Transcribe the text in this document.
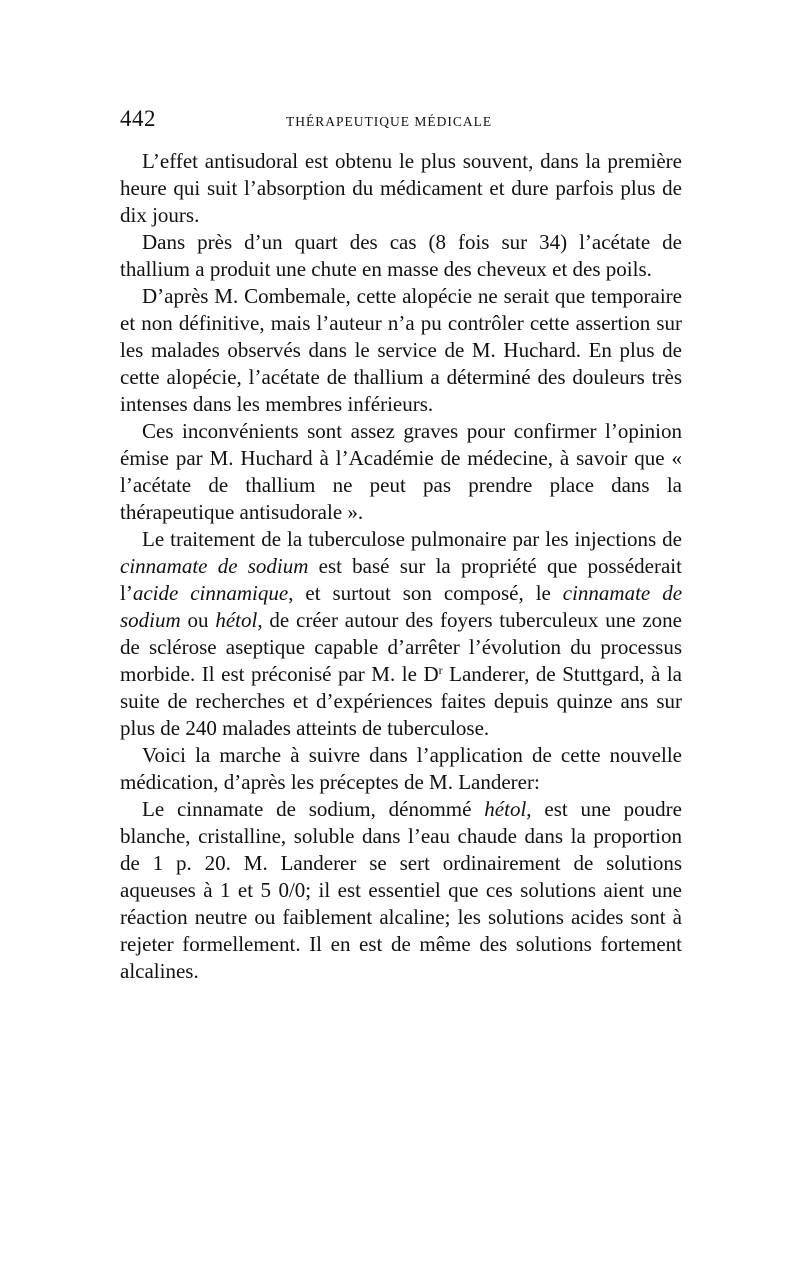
442	THÉRAPEUTIQUE MÉDICALE

L’effet antisudoral est obtenu le plus souvent, dans la première heure qui suit l’absorption du médicament et dure parfois plus de dix jours.

Dans près d’un quart des cas (8 fois sur 34) l’acétate de thallium a produit une chute en masse des cheveux et des poils.

D’après M. Combemale, cette alopécie ne serait que temporaire et non définitive, mais l’auteur n’a pu contrôler cette assertion sur les malades observés dans le service de M. Huchard. En plus de cette alopécie, l’acétate de thallium a déterminé des douleurs très intenses dans les membres inférieurs.

Ces inconvénients sont assez graves pour confirmer l’opinion émise par M. Huchard à l’Académie de médecine, à savoir que « l’acétate de thallium ne peut pas prendre place dans la thérapeutique antisudorale ».

Le traitement de la tuberculose pulmonaire par les injections de cinnamate de sodium est basé sur la propriété que posséderait l’acide cinnamique, et surtout son composé, le cinnamate de sodium ou hétol, de créer autour des foyers tuberculeux une zone de sclérose aseptique capable d’arrêter l’évolution du processus morbide. Il est préconisé par M. le $D^r$ Landerer, de Stuttgard, à la suite de recherches et d’expériences faites depuis quinze ans sur plus de 240 malades atteints de tuberculose.

Voici la marche à suivre dans l’application de cette nouvelle médication, d’après les préceptes de M. Landerer:

Le cinnamate de sodium, dénommé hétol, est une poudre blanche, cristalline, soluble dans l’eau chaude dans la proportion de 1 p. 20. M. Landerer se sert ordinairement de solutions aqueuses à 1 et 5 0/0; il est essentiel que ces solutions aient une réaction neutre ou faiblement alcaline; les solutions acides sont à rejeter formellement. Il en est de même des solutions fortement alcalines.
